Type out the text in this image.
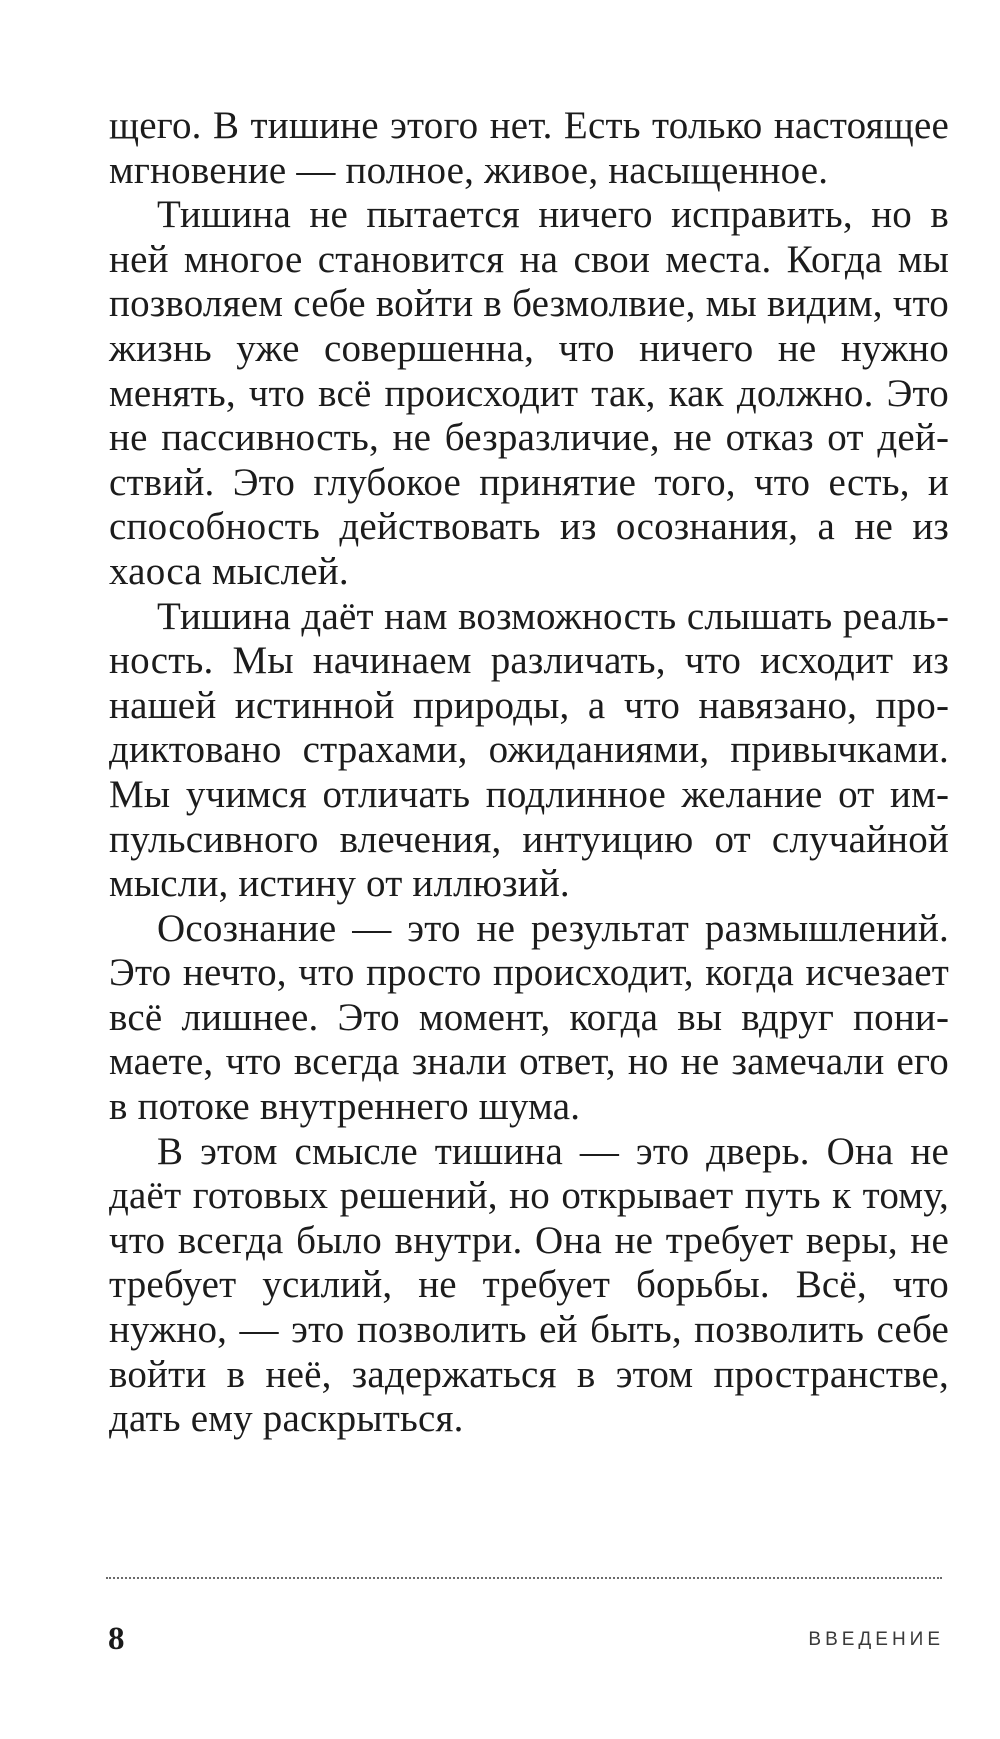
щего. В тишине этого нет. Есть только настоящее мгновение — полное, живое, насыщенное.

Тишина не пытается ничего исправить, но в ней многое становится на свои места. Когда мы позволяем себе войти в безмолвие, мы видим, что жизнь уже совершенна, что ничего не нужно менять, что всё происходит так, как должно. Это не пассивность, не безразличие, не отказ от действий. Это глубокое принятие того, что есть, и способность действовать из осознания, а не из хаоса мыслей.

Тишина даёт нам возможность слышать реальность. Мы начинаем различать, что исходит из нашей истинной природы, а что навязано, продиктовано страхами, ожиданиями, привычками. Мы учимся отличать подлинное желание от импульсивного влечения, интуицию от случайной мысли, истину от иллюзий.

Осознание — это не результат размышлений. Это нечто, что просто происходит, когда исчезает всё лишнее. Это момент, когда вы вдруг понимаете, что всегда знали ответ, но не замечали его в потоке внутреннего шума.

В этом смысле тишина — это дверь. Она не даёт готовых решений, но открывает путь к тому, что всегда было внутри. Она не требует веры, не требует усилий, не требует борьбы. Всё, что нужно, — это позволить ей быть, позволить себе войти в неё, задержаться в этом пространстве, дать ему раскрыться.

8	ВВЕДЕНИЕ
